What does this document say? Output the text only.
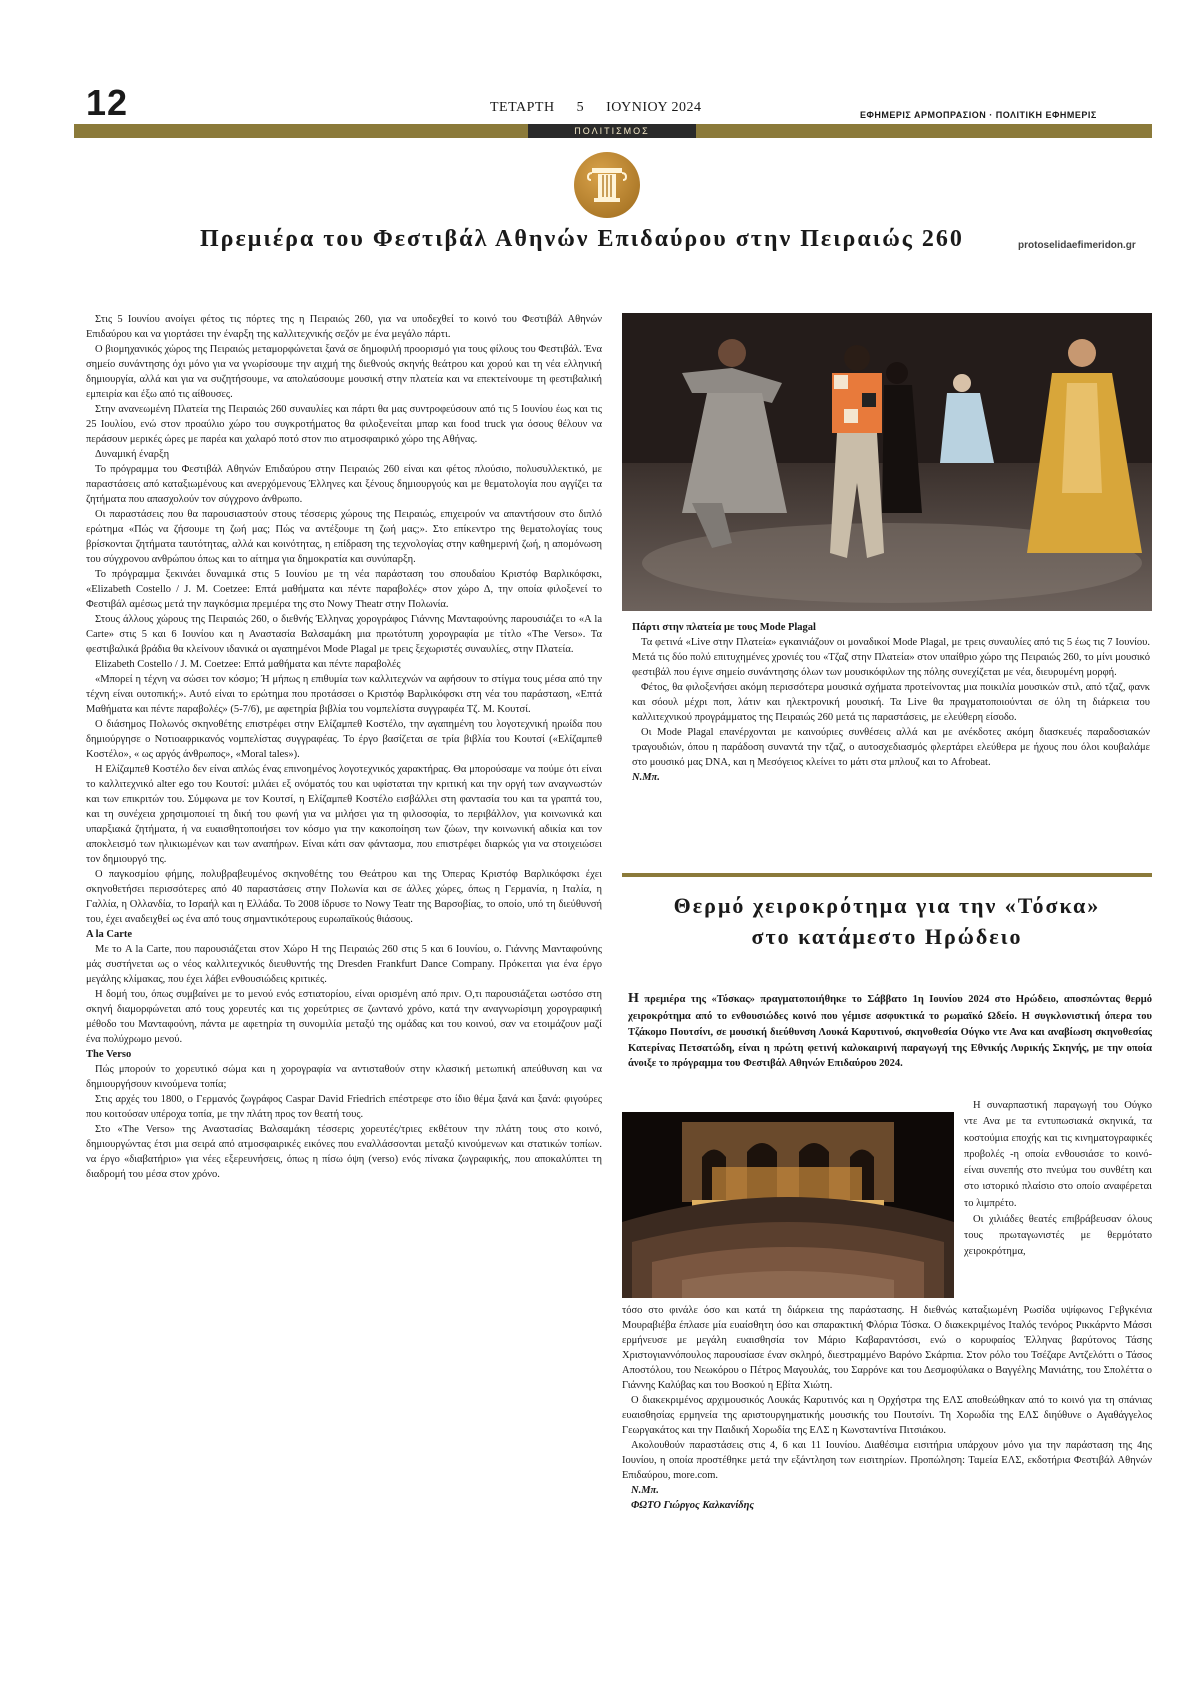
12	ΤΕΤΑΡΤΗ 5 ΙΟΥΝΙΟΥ 2024	ΕΦΗΜΕΡΙΣ ΑΡΜΟΠΡΑΣΙΟΝ · ΠΟΛΙΤΙΚΗ ΕΦΗΜΕΡΙΣ
ΠΟΛΙΤΙΣΜΟΣ
Πρεμιέρα του Φεστιβάλ Αθηνών Επιδαύρου στην Πειραιώς 260	protoselidaefimeridon.gr

Στις 5 Ιουνίου ανοίγει φέτος τις πόρτες της η Πειραιώς 260, για να υποδεχθεί το κοινό του Φεστιβάλ Αθηνών Επιδαύρου και να γιορτάσει την έναρξη της καλλιτεχνικής σεζόν με ένα μεγάλο πάρτι.

Ο βιομηχανικός χώρος της Πειραιώς μεταμορφώνεται ξανά σε δημοφιλή προορισμό για τους φίλους του Φεστιβάλ. Ένα σημείο συνάντησης όχι μόνο για να γνωρίσουμε την αιχμή της διεθνούς σκηνής θεάτρου και χορού και τη νέα ελληνική δημιουργία, αλλά και για να συζητήσουμε, να απολαύσουμε μουσική στην πλατεία και να επεκτείνουμε τη φεστιβαλική εμπειρία και έξω από τις αίθουσες.

Στην ανανεωμένη Πλατεία της Πειραιώς 260 συναυλίες και πάρτι θα μας συντροφεύσουν από τις 5 Ιουνίου έως και τις 25 Ιουλίου, ενώ στον προαύλιο χώρο του συγκροτήματος θα φιλοξενείται μπαρ και food truck για όσους θέλουν να περάσουν μερικές ώρες με παρέα και χαλαρό ποτό στον πιο ατμοσφαιρικό χώρο της Αθήνας.

Δυναμική έναρξη

Το πρόγραμμα του Φεστιβάλ Αθηνών Επιδαύρου στην Πειραιώς 260 είναι και φέτος πλούσιο, πολυσυλλεκτικό, με παραστάσεις από καταξιωμένους και ανερχόμενους Έλληνες και ξένους δημιουργούς και με θεματολογία που αγγίζει τα ζητήματα που απασχολούν τον σύγχρονο άνθρωπο.

Οι παραστάσεις που θα παρουσιαστούν στους τέσσερις χώρους της Πειραιώς, επιχειρούν να απαντήσουν στο διπλό ερώτημα «Πώς να ζήσουμε τη ζωή μας; Πώς να αντέξουμε τη ζωή μας;». Στο επίκεντρο της θεματολογίας τους βρίσκονται ζητήματα ταυτότητας, αλλά και κοινότητας, η επίδραση της τεχνολογίας στην καθημερινή ζωή, η απομόνωση του σύγχρονου ανθρώπου όπως και το αίτημα για δημοκρατία και συνύπαρξη.

Το πρόγραμμα ξεκινάει δυναμικά στις 5 Ιουνίου με τη νέα παράσταση του σπουδαίου Κριστόφ Βαρλικόφσκι, «Elizabeth Costello / J. M. Coetzee: Επτά μαθήματα και πέντε παραβολές» στον χώρο Δ, την οποία φιλοξενεί το Φεστιβάλ αμέσως μετά την παγκόσμια πρεμιέρα της στο Nowy Theatr στην Πολωνία.

Στους άλλους χώρους της Πειραιώς 260, ο διεθνής Έλληνας χορογράφος Γιάννης Μανταφούνης παρουσιάζει το «A la Carte» στις 5 και 6 Ιουνίου και η Αναστασία Βαλσαμάκη μια πρωτότυπη χορογραφία με τίτλο «The Verso». Τα φεστιβαλικά βράδια θα κλείνουν ιδανικά οι αγαπημένοι Mode Plagal με τρεις ξεχωριστές συναυλίες, στην Πλατεία.

Elizabeth Costello / J. M. Coetzee: Επτά μαθήματα και πέντε παραβολές

«Μπορεί η τέχνη να σώσει τον κόσμο; Ή μήπως η επιθυμία των καλλιτεχνών να αφήσουν το στίγμα τους μέσα από την τέχνη είναι ουτοπική;». Αυτό είναι το ερώτημα που προτάσσει ο Κριστόφ Βαρλικόφσκι στη νέα του παράσταση, «Επτά Μαθήματα και πέντε παραβολές» (5-7/6), με αφετηρία βιβλία του νομπελίστα συγγραφέα Τζ. Μ. Κουτσί.

Ο διάσημος Πολωνός σκηνοθέτης επιστρέφει στην Ελίζαμπεθ Κοστέλο, την αγαπημένη του λογοτεχνική ηρωίδα που δημιούργησε ο Νοτιοαφρικανός νομπελίστας συγγραφέας. Το έργο βασίζεται σε τρία βιβλία του Κουτσί («Ελίζαμπεθ Κοστέλο», « ως αργός άνθρωπος», «Moral tales»).

Η Ελίζαμπεθ Κοστέλο δεν είναι απλώς ένας επινοημένος λογοτεχνικός χαρακτήρας. Θα μπορούσαμε να πούμε ότι είναι το καλλιτεχνικό alter ego του Κουτσί: μιλάει εξ ονόματός του και υφίσταται την κριτική και την οργή των αναγνωστών και των επικριτών του. Σύμφωνα με τον Κουτσί, η Ελίζαμπεθ Κοστέλο εισβάλλει στη φαντασία του και τα γραπτά του, και τη συνέχεια χρησιμοποιεί τη δική του φωνή για να μιλήσει για τη φιλοσοφία, το περιβάλλον, για κοινωνικά και υπαρξιακά ζητήματα, ή να ευαισθητοποιήσει τον κόσμο για την κακοποίηση των ζώων, την κοινωνική αδικία και τον αποκλεισμό των ηλικιωμένων και των αναπήρων. Είναι κάτι σαν φάντασμα, που επιστρέφει διαρκώς για να στοιχειώσει τον δημιουργό της.

Ο παγκοσμίου φήμης, πολυβραβευμένος σκηνοθέτης του Θεάτρου και της Όπερας Κριστόφ Βαρλικόφσκι έχει σκηνοθετήσει περισσότερες από 40 παραστάσεις στην Πολωνία και σε άλλες χώρες, όπως η Γερμανία, η Ιταλία, η Γαλλία, η Ολλανδία, το Ισραήλ και η Ελλάδα. Το 2008 ίδρυσε το Nowy Teatr της Βαρσοβίας, το οποίο, υπό τη διεύθυνσή του, έχει αναδειχθεί ως ένα από τους σημαντικότερους ευρωπαϊκούς θιάσους.

A la Carte

Με το A la Carte, που παρουσιάζεται στον Χώρο Η της Πειραιώς 260 στις 5 και 6 Ιουνίου, ο. Γιάννης Μανταφούνης μάς συστήνεται ως ο νέος καλλιτεχνικός διευθυντής της Dresden Frankfurt Dance Company. Πρόκειται για ένα έργο μεγάλης κλίμακας, που έχει λάβει ενθουσιώδεις κριτικές.

Η δομή του, όπως συμβαίνει με το μενού ενός εστιατορίου, είναι ορισμένη από πριν. Ο,τι παρουσιάζεται ωστόσο στη σκηνή διαμορφώνεται από τους χορευτές και τις χορεύτριες σε ζωντανό χρόνο, κατά την αναγνωρίσιμη χορογραφική μέθοδο του Μανταφούνη, πάντα με αφετηρία τη συνομιλία μεταξύ της ομάδας και του κοινού, σαν να ετοιμάζουν μαζί ένα πολύχρωμο μενού.

The Verso

Πώς μπορούν το χορευτικό σώμα και η χορογραφία να αντισταθούν στην κλασική μετωπική απεύθυνση και να δημιουργήσουν κινούμενα τοπία;

Στις αρχές του 1800, ο Γερμανός ζωγράφος Caspar David Friedrich επέστρεφε στο ίδιο θέμα ξανά και ξανά: φιγούρες που κοιτούσαν υπέροχα τοπία, με την πλάτη προς τον θεατή τους.

Στο «The Verso» της Αναστασίας Βαλσαμάκη τέσσερις χορευτές/τριες εκθέτουν την πλάτη τους στο κοινό, δημιουργώντας έτσι μια σειρά από ατμοσφαιρικές εικόνες που εναλλάσσονται μεταξύ κινούμενων και στατικών τοπίων. να έργο «διαβατήριο» για νέες εξερευνήσεις, όπως η πίσω όψη (verso) ενός πίνακα ζωγραφικής, που αποκαλύπτει τη διαδρομή του μέσα στον χρόνο.

Πάρτι στην πλατεία με τους Mode Plagal

Τα φετινά «Live στην Πλατεία» εγκαινιάζουν οι μοναδικοί Mode Plagal, με τρεις συναυλίες από τις 5 έως τις 7 Ιουνίου. Μετά τις δύο πολύ επιτυχημένες χρονιές του «Τζαζ στην Πλατεία» στον υπαίθριο χώρο της Πειραιώς 260, το μίνι μουσικό φεστιβάλ που έγινε σημείο συνάντησης όλων των μουσικόφιλων της πόλης συνεχίζεται με νέα, διευρυμένη μορφή.

Φέτος, θα φιλοξενήσει ακόμη περισσότερα μουσικά σχήματα προτείνοντας μια ποικιλία μουσικών στιλ, από τζαζ, φανκ και σόουλ μέχρι ποπ, λάτιν και ηλεκτρονική μουσική. Τα Live θα πραγματοποιούνται σε όλη τη διάρκεια του καλλιτεχνικού προγράμματος της Πειραιώς 260 μετά τις παραστάσεις, με ελεύθερη είσοδο.

Οι Mode Plagal επανέρχονται με καινούριες συνθέσεις αλλά και με ανέκδοτες ακόμη διασκευές παραδοσιακών τραγουδιών, όπου η παράδοση συναντά την τζαζ, ο αυτοσχεδιασμός φλερτάρει ελεύθερα με ήχους που όλοι κουβαλάμε στο μουσικό μας DNA, και η Μεσόγειος κλείνει το μάτι στα μπλουζ και το Afrobeat.

Ν.Μπ.

Θερμό χειροκρότημα για την «Τόσκα»
στο κατάμεστο Ηρώδειο

Η πρεμιέρα της «Τόσκας» πραγματοποιήθηκε το Σάββατο 1η Ιουνίου 2024 στο Ηρώδειο, αποσπώντας θερμό χειροκρότημα από το ενθουσιώδες κοινό που γέμισε ασφυκτικά το ρωμαϊκό Ωδείο. Η συγκλονιστική όπερα του Τζάκομο Πουτσίνι, σε μουσική διεύθυνση Λουκά Καρυτινού, σκηνοθεσία Ούγκο ντε Ανα και αναβίωση σκηνοθεσίας Κατερίνας Πετσατώδη, είναι η πρώτη φετινή καλοκαιρινή παραγωγή της Εθνικής Λυρικής Σκηνής, με την οποία άνοιξε το πρόγραμμα του Φεστιβάλ Αθηνών Επιδαύρου 2024.

Η συναρπαστική παραγωγή του Ούγκο ντε Ανα με τα εντυπωσιακά σκηνικά, τα κοστούμια εποχής και τις κινηματογραφικές προβολές -η οποία ενθουσιάσε το κοινό- είναι συνεπής στο πνεύμα του συνθέτη και στο ιστορικό πλαίσιο στο οποίο αναφέρεται το λιμπρέτο.

Οι χιλιάδες θεατές επιβράβευσαν όλους τους πρωταγωνιστές με θερμότατο χειροκρότημα,

τόσο στο φινάλε όσο και κατά τη διάρκεια της παράστασης. Η διεθνώς καταξιωμένη Ρωσίδα υψίφωνος Γεβγκένια Μουραβιέβα έπλασε μία ευαίσθητη όσο και σπαρακτική Φλόρια Τόσκα. Ο διακεκριμένος Ιταλός τενόρος Ρικκάρντο Μάσσι ερμήνευσε με μεγάλη ευαισθησία τον Μάριο Καβαραντόσσι, ενώ ο κορυφαίος Έλληνας βαρύτονος Τάσης Χριστογιαννόπουλος παρουσίασε έναν σκληρό, διεστραμμένο Βαρόνο Σκάρπια. Στον ρόλο του Τσέζαρε Αντζελόττι ο Τάσος Αποστόλου, του Νεωκόρου ο Πέτρος Μαγουλάς, του Σαρρόνε και του Δεσμοφύλακα ο Βαγγέλης Μανιάτης, του Σπολέττα ο Γιάννης Καλύβας και του Βοσκού η Εβίτα Χιώτη.

Ο διακεκριμένος αρχιμουσικός Λουκάς Καρυτινός και η Ορχήστρα της ΕΛΣ αποθεώθηκαν από το κοινό για τη σπάνιας ευαισθησίας ερμηνεία της αριστουργηματικής μουσικής του Πουτσίνι. Τη Χορωδία της ΕΛΣ διηύθυνε ο Αγαθάγγελος Γεωργακάτος και την Παιδική Χορωδία της ΕΛΣ η Κωνσταντίνα Πιτσιάκου.

Ακολουθούν παραστάσεις στις 4, 6 και 11 Ιουνίου. Διαθέσιμα εισιτήρια υπάρχουν μόνο για την παράσταση της 4ης Ιουνίου, η οποία προστέθηκε μετά την εξάντληση των εισιτηρίων. Προπώληση: Ταμεία ΕΛΣ, εκδοτήρια Φεστιβάλ Αθηνών Επιδαύρου, more.com.

Ν.Μπ.

ΦΩΤΟ Γιώργος Καλκανίδης
